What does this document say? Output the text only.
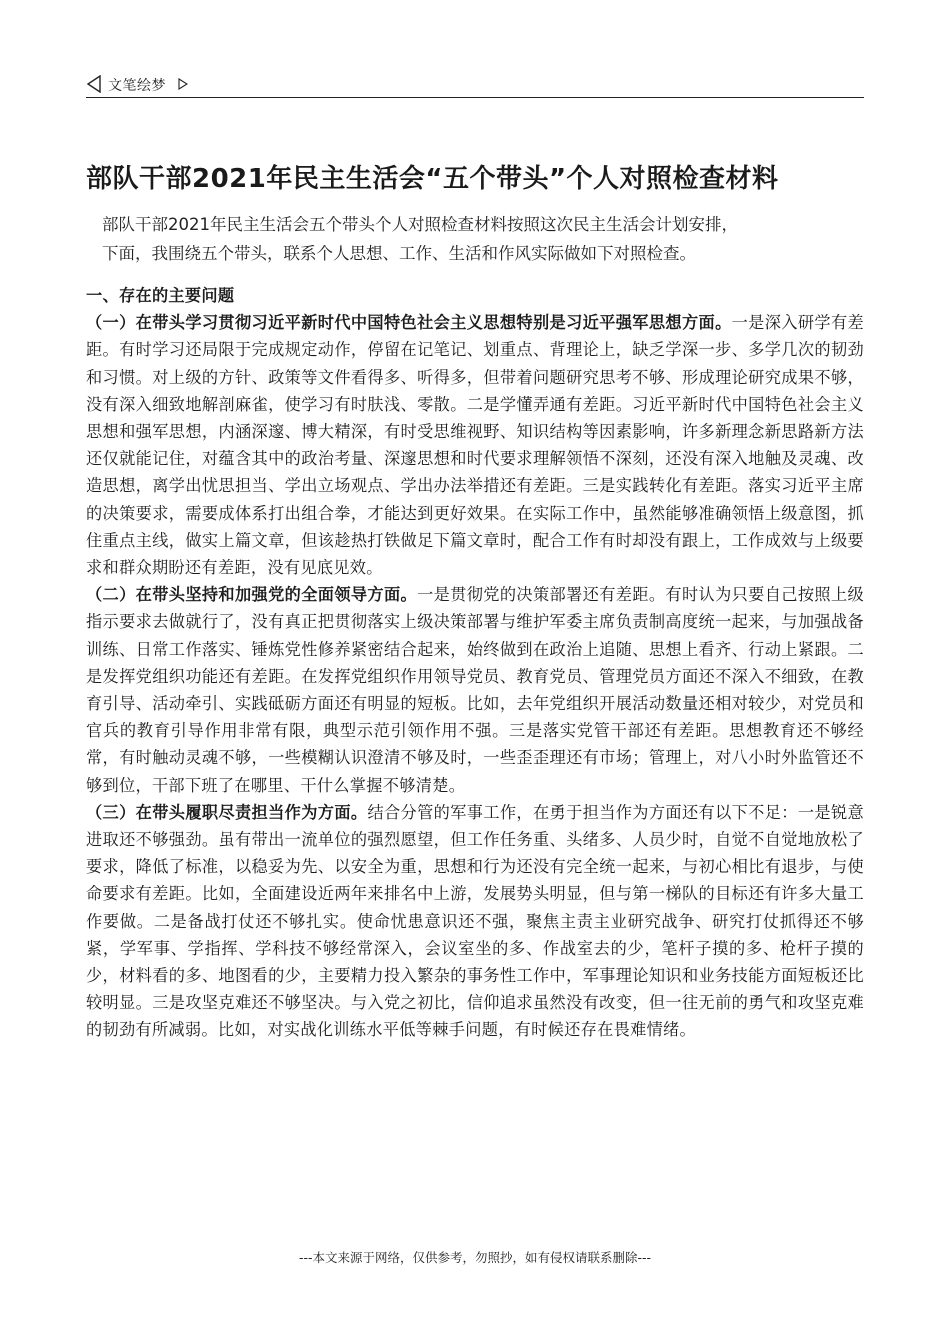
文笔绘梦
部队干部2021年民主生活会“五个带头”个人对照检查材料

部队干部2021年民主生活会五个带头个人对照检查材料按照这次民主生活会计划安排，

下面，我围绕五个带头，联系个人思想、工作、生活和作风实际做如下对照检查。

一、存在的主要问题

（一）在带头学习贯彻习近平新时代中国特色社会主义思想特别是习近平强军思想方面。一是深入研学有差距。有时学习还局限于完成规定动作，停留在记笔记、划重点、背理论上，缺乏学深一步、多学几次的韧劲和习惯。对上级的方针、政策等文件看得多、听得多，但带着问题研究思考不够、形成理论研究成果不够，没有深入细致地解剖麻雀，使学习有时肤浅、零散。二是学懂弄通有差距。习近平新时代中国特色社会主义思想和强军思想，内涵深邃、博大精深，有时受思维视野、知识结构等因素影响，许多新理念新思路新方法还仅就能记住，对蕴含其中的政治考量、深邃思想和时代要求理解领悟不深刻，还没有深入地触及灵魂、改造思想，离学出忧思担当、学出立场观点、学出办法举措还有差距。三是实践转化有差距。落实习近平主席的决策要求，需要成体系打出组合拳，才能达到更好效果。在实际工作中，虽然能够准确领悟上级意图，抓住重点主线，做实上篇文章，但该趁热打铁做足下篇文章时，配合工作有时却没有跟上，工作成效与上级要求和群众期盼还有差距，没有见底见效。

（二）在带头坚持和加强党的全面领导方面。一是贯彻党的决策部署还有差距。有时认为只要自己按照上级指示要求去做就行了，没有真正把贯彻落实上级决策部署与维护军委主席负责制高度统一起来，与加强战备训练、日常工作落实、锤炼党性修养紧密结合起来，始终做到在政治上追随、思想上看齐、行动上紧跟。二是发挥党组织功能还有差距。在发挥党组织作用领导党员、教育党员、管理党员方面还不深入不细致，在教育引导、活动牵引、实践砥砺方面还有明显的短板。比如，去年党组织开展活动数量还相对较少，对党员和官兵的教育引导作用非常有限，典型示范引领作用不强。三是落实党管干部还有差距。思想教育还不够经常，有时触动灵魂不够，一些模糊认识澄清不够及时，一些歪歪理还有市场；管理上，对八小时外监管还不够到位，干部下班了在哪里、干什么掌握不够清楚。

（三）在带头履职尽责担当作为方面。结合分管的军事工作，在勇于担当作为方面还有以下不足：一是锐意进取还不够强劲。虽有带出一流单位的强烈愿望，但工作任务重、头绪多、人员少时，自觉不自觉地放松了要求，降低了标准，以稳妥为先、以安全为重，思想和行为还没有完全统一起来，与初心相比有退步，与使命要求有差距。比如，全面建设近两年来排名中上游，发展势头明显，但与第一梯队的目标还有许多大量工作要做。二是备战打仗还不够扎实。使命忧患意识还不强，聚焦主责主业研究战争、研究打仗抓得还不够紧，学军事、学指挥、学科技不够经常深入，会议室坐的多、作战室去的少，笔杆子摸的多、枪杆子摸的少，材料看的多、地图看的少，主要精力投入繁杂的事务性工作中，军事理论知识和业务技能方面短板还比较明显。三是攻坚克难还不够坚决。与入党之初比，信仰追求虽然没有改变，但一往无前的勇气和攻坚克难的韧劲有所减弱。比如，对实战化训练水平低等棘手问题，有时候还存在畏难情绪。

---本文来源于网络，仅供参考，勿照抄，如有侵权请联系删除---
